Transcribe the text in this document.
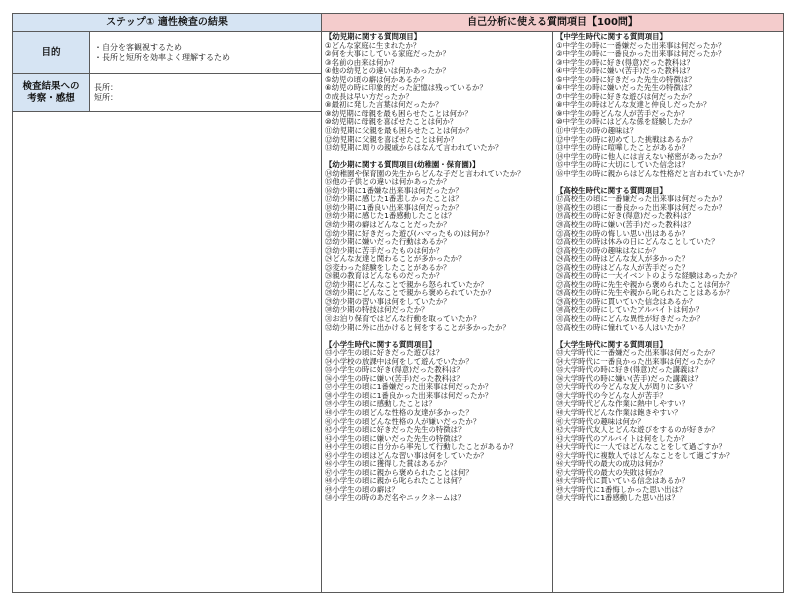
ステップ① 適性検査の結果
目的	・自分を客観視するため
・長所と短所を効率よく理解するため
検査結果への
考察・感想
長所：
短所：
自己分析に使える質問項目【100問】
【幼児期に関する質問項目】
①どんな家庭に生まれたか？
②何を大事にしている家庭だったか？
③名前の由来は何か？
④他の幼児との違いは何かあったか？
⑤幼児の頃の癖は何かあるか？
⑥幼児の時に印象的だった記憶は残っているか？
⑦成長は早い方だったか？
⑧最初に発した言葉は何だったか？
⑨幼児期に母親を最も困らせたことは何か？
⑩幼児期に母親を喜ばせたことは何か？
⑪幼児期に父親を最も困らせたことは何か？
⑫幼児期に父親を喜ばせたことは何か？
⑬幼児期に周りの親戚からはなんて言われていたか？
【幼少期に関する質問項目(幼稚園・保育園)】
⑭幼稚園や保育園の先生からどんな子だと言われていたか？
⑮他の子供との違いは何かあったか？
⑯幼少期に1番嫌な出来事は何だったか？
⑰幼少期に感じた1番悲しかったことは？
⑱幼少期に1番良い出来事は何だったか？
⑲幼少期に感じた1番感動したことは？
⑳幼少期の癖はどんなことだったか？
㉑幼少期に好きだった遊び(ハマったもの)は何か？
㉒幼少期に嫌いだった行動はあるか？
㉓幼少期に苦手だったものは何か？
㉔どんな友達と関わることが多かったか？
㉕変わった経験をしたことがあるか？
㉖親の教育はどんなものだったか？
㉗幼少期にどんなことで親から怒られていたか？
㉘幼少期にどんなことで親から褒められていたか？
㉙幼少期の習い事は何をしていたか？
㉚幼少期の特技は何だったか？
㉛お泊り保育ではどんな行動を取っていたか？
㉜幼少期に外に出かけると何をすることが多かったか？
【小学生時代に関する質問項目】
㉝小学生の頃に好きだった遊びは？
㉞小学校の放課中は何をして遊んでいたか？
㉟小学生の時に好き(得意)だった教科は？
㊱小学生の時に嫌い(苦手)だった教科は？
㊲小学生の頃に1番嫌だった出来事は何だったか？
㊳小学生の頃に1番良かった出来事は何だったか？
㊴小学生の頃に感動したことは？
㊵小学生の頃どんな性格の友達が多かった？
㊶小学生の頃どんな性格の人が嫌いだったか？
㊷小学生の頃に好きだった先生の特徴は？
㊸小学生の頃に嫌いだった先生の特徴は？
㊹小学生の頃に自分から率先して行動したことがあるか？
㊺小学生の頃はどんな習い事は何をしていたか？
㊻小学生の頃に獲得した賞はあるか？
㊼小学生の頃に親から褒められたことは何？
㊽小学生の頃に親から叱られたことは何？
㊾小学生の頃の癖は？
㊿小学生の時のあだ名やニックネームは？
【中学生時代に関する質問項目】
①中学生の時に一番嫌だった出来事は何だったか？
②中学生の時に一番良かった出来事は何だったか？
③中学生の時に好き(得意)だった教科は？
④中学生の時に嫌い(苦手)だった教科は？
⑤中学生の時に好きだった先生の特徴は？
⑥中学生の時に嫌いだった先生の特徴は？
⑦中学生の時に好きな遊びは何だったか？
⑧中学生の時はどんな友達と仲良しだったか？
⑨中学生の時どんな人が苦手だったか？
⑩中学生の時にはどんな係を経験したか？
⑪中学生の時の趣味は？
⑫中学生の時に初めてした挑戦はあるか？
⑬中学生の時に喧嘩したことがあるか？
⑭中学生の時に他人には言えない秘密があったか？
⑮中学生の時に大切にしていた信念は？
⑯中学生の時に親からはどんな性格だと言われていたか？
【高校生時代に関する質問項目】
⑰高校生の頃に一番嫌だった出来事は何だったか？
⑱高校生の頃に一番良かった出来事は何だったか？
⑲高校生の時に好き(得意)だった教科は？
⑳高校生の時に嫌い(苦手)だった教科は？
㉑高校生の時の悔しい思い出はあるか？
㉒高校生の時は休みの日にどんなことしていた？
㉓高校生の時の趣味はなにか？
㉔高校生の時はどんな友人が多かった？
㉕高校生の時はどんな人が苦手だった？
㉖高校生の時に一大イベントのような経験はあったか？
㉗高校生の時に先生や親から褒められたことは何か？
㉘高校生の時に先生や親から叱られたことはあるか？
㉙高校生の時に貫いていた信念はあるか？
㉚高校生の時にしていたアルバイトは何か？
㉛高校生の時にどんな異性が好きだったか？
㉜高校生の時に憧れている人はいたか？
【大学生時代に関する質問項目】
㉝大学時代に一番嫌だった出来事は何だったか？
㉞大学時代に一番良かった出来事は何だったか？
㉟大学時代の時に好き(得意)だった講義は？
㊱大学時代の時に嫌い(苦手)だった講義は？
㊲大学時代の今どんな友人が周りに多い？
㊳大学時代の今どんな人が苦手？
㊴大学時代どんな作業に熱中しやすい？
㊵大学時代どんな作業は飽きやすい？
㊶大学時代の趣味は何か？
㊷大学時代友人とどんな遊びをするのが好きか？
㊸大学時代のアルバイトは何をしたか？
㊹大学時代に一人ではどんなことをして過ごすか？
㊺大学時代に複数人ではどんなことをして過ごすか？
㊻大学時代の最大の成功は何か？
㊼大学時代の最大の失敗は何か？
㊽大学時代に貫いている信念はあるか？
㊾大学時代に1番悔しかった思い出は？
㊿大学時代に1番感動した思い出は？
